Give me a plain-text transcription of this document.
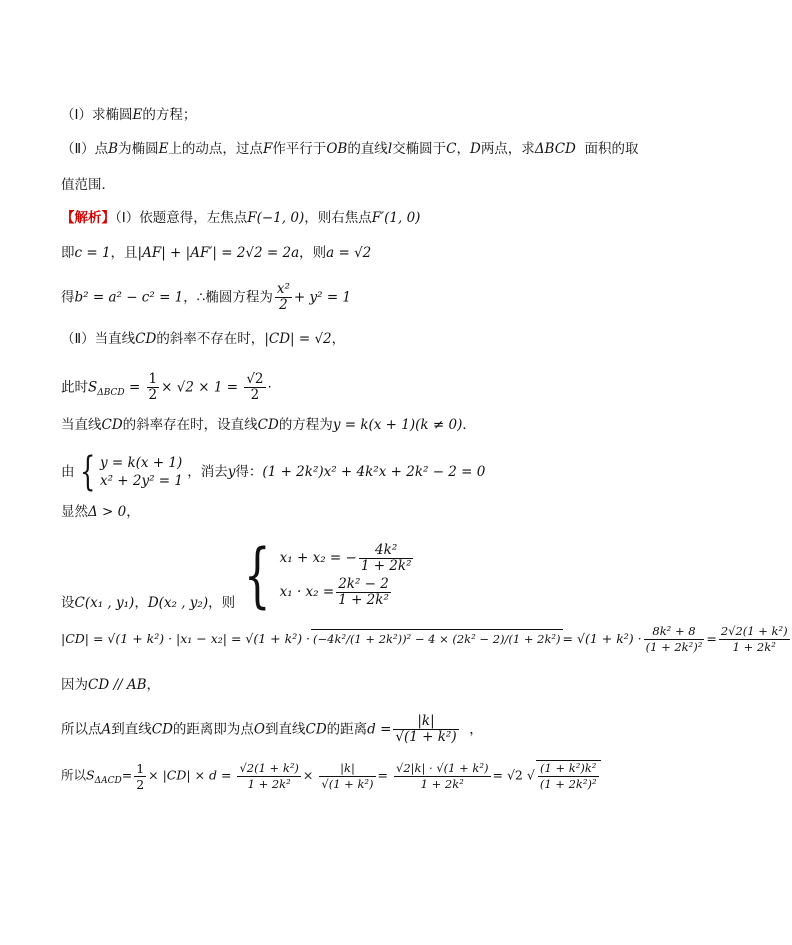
（Ⅰ）求椭圆E的方程；
（Ⅱ）点B为椭圆E上的动点，过点F作平行于OB的直线l交椭圆于C，D两点，求ΔBCD 面积的取
值范围．
【解析】（Ⅰ）依题意得，左焦点F(−1, 0)，则右焦点F′(1, 0)
即c = 1，且|AF| + |AF′| = 2√2 = 2a，则a = √2
得b² = a² − c² = 1，∴椭圆方程为 $\frac{\text{x²}}{2} + y^2 = 1$
（Ⅱ）当直线CD的斜率不存在时，|CD| = √2，
此时$S_{\Delta BCD} = \frac{1}{2} \times √2 \times 1 = \frac{√2}{2}$ ·
当直线CD的斜率存在时，设直线CD的方程为y = k(x + 1)(k ≠ 0)．
由 { y = k(x + 1)
x² + 2y² = 1
，消去y得：(1 + 2k²)x² + 4k²x + 2k² − 2 = 0
显然Δ > 0，
设C(x₁ , y₁)，D(x₂ , y₂)，则 { x₁ + x₂ = − $\frac{\text{4k²}}{\text{1 + 2k²}}$
$x_1 \cdot x_2 = \frac{\text{2k² − 2}}{\text{1 + 2k²}}$
$|CD| = √(1 + k^2) \cdot |x_1 - x_2| = √(1 + k^2) \cdot (-4k^2/(1 + 2k^2))^2 - 4 \times (2k^2 - 2)/(1 + 2k^2) = √(1 + k^2) \cdot \frac{\text{8k² + 8}}{\text{(1 + 2k²)²}} = \frac{\text{2√2(1 + k²)}}{\text{1 + 2k²}}$
因为CD // AB，
所以点A到直线CD的距离即为点O到直线CD的距离$d = \frac{|k|}{\text{√(1 + k²)}}$ ，
所以$S_{\Delta ACD}= \frac{1}{2} \times |CD| \times d = \frac{\text{√2(1 + k²)}}{\text{1 + 2k²}} \times \frac{|k|}{\text{√(1 + k²)}} = \frac{\text{√2|k| · √(1 + k²)}}{\text{1 + 2k²}} = √2$ √ $\frac{\text{(1 + k²)k²}}{\text{(1 + 2k²)²}}$
